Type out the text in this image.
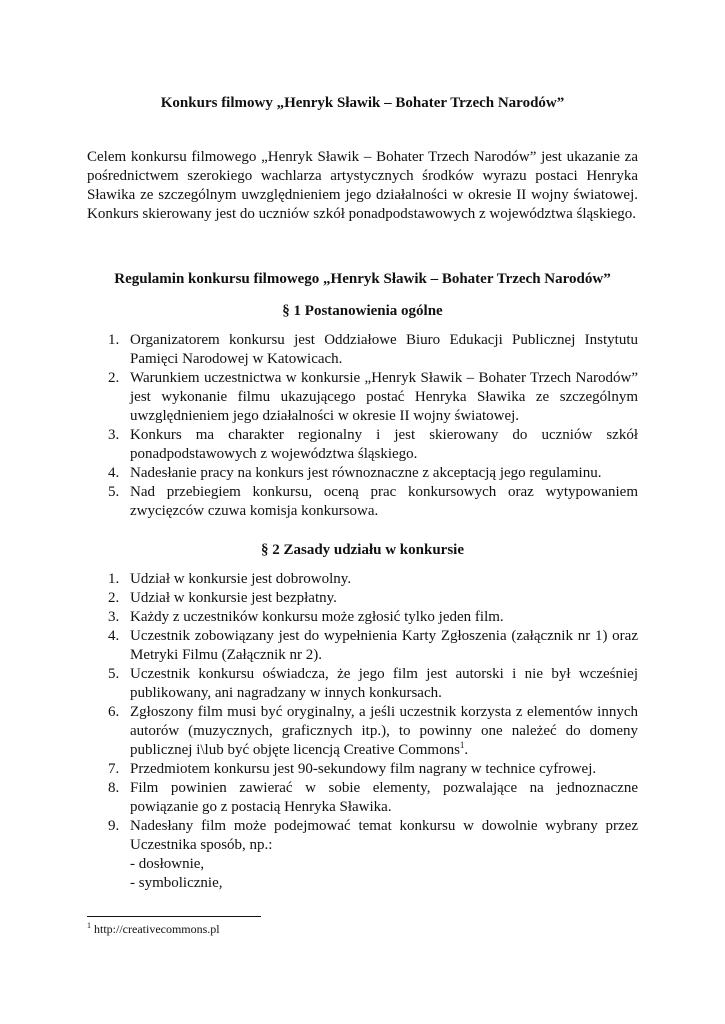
Konkurs filmowy „Henryk Sławik – Bohater Trzech Narodów”
Celem konkursu filmowego „Henryk Sławik – Bohater Trzech Narodów” jest ukazanie za pośrednictwem szerokiego wachlarza artystycznych środków wyrazu postaci Henryka Sławika ze szczególnym uwzględnieniem jego działalności w okresie II wojny światowej. Konkurs skierowany jest do uczniów szkół ponadpodstawowych z województwa śląskiego.
Regulamin konkursu filmowego „Henryk Sławik – Bohater Trzech Narodów”
§ 1 Postanowienia ogólne
1. Organizatorem konkursu jest Oddziałowe Biuro Edukacji Publicznej Instytutu Pamięci Narodowej w Katowicach.
2. Warunkiem uczestnictwa w konkursie „Henryk Sławik – Bohater Trzech Narodów” jest wykonanie filmu ukazującego postać Henryka Sławika ze szczególnym uwzględnieniem jego działalności w okresie II wojny światowej.
3. Konkurs ma charakter regionalny i jest skierowany do uczniów szkół ponadpodstawowych z województwa śląskiego.
4. Nadesłanie pracy na konkurs jest równoznaczne z akceptacją jego regulaminu.
5. Nad przebiegiem konkursu, oceną prac konkursowych oraz wytypowaniem zwycięzców czuwa komisja konkursowa.
§ 2 Zasady udziału w konkursie
1. Udział w konkursie jest dobrowolny.
2. Udział w konkursie jest bezpłatny.
3. Każdy z uczestników konkursu może zgłosić tylko jeden film.
4. Uczestnik zobowiązany jest do wypełnienia Karty Zgłoszenia (załącznik nr 1) oraz Metryki Filmu (Załącznik nr 2).
5. Uczestnik konkursu oświadcza, że jego film jest autorski i nie był wcześniej publikowany, ani nagradzany w innych konkursach.
6. Zgłoszony film musi być oryginalny, a jeśli uczestnik korzysta z elementów innych autorów (muzycznych, graficznych itp.), to powinny one należeć do domeny publicznej i\lub być objęte licencją Creative Commons$^1$.
7. Przedmiotem konkursu jest 90-sekundowy film nagrany w technice cyfrowej.
8. Film powinien zawierać w sobie elementy, pozwalające na jednoznaczne powiązanie go z postacią Henryka Sławika.
9. Nadesłany film może podejmować temat konkursu w dowolnie wybrany przez Uczestnika sposób, np.:
- dosłownie,
- symbolicznie,
$^1$ http://creativecommons.pl
